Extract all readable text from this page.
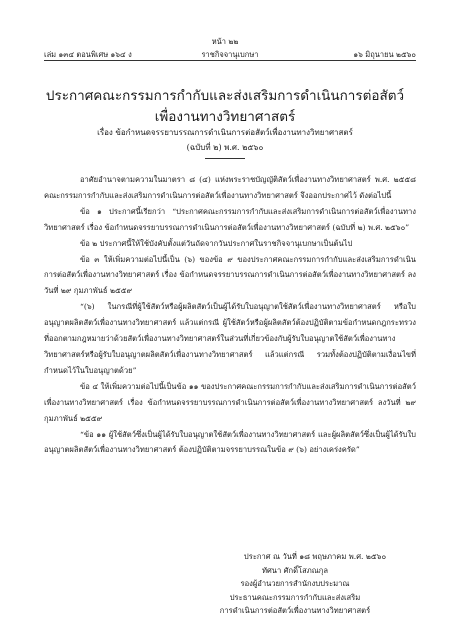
หน้า ๒๒
เล่ม ๑๓๔ ตอนพิเศษ ๑๖๔ ง	ราชกิจจานุเบกษา	๑๖ มิถุนายน ๒๕๖๐
ประกาศคณะกรรมการกำกับและส่งเสริมการดำเนินการต่อสัตว์
เพื่องานทางวิทยาศาสตร์
เรื่อง ข้อกำหนดจรรยาบรรณการดำเนินการต่อสัตว์เพื่องานทางวิทยาศาสตร์
(ฉบับที่ ๒) พ.ศ. ๒๕๖๐

อาศัยอำนาจตามความในมาตรา ๘ (๔) แห่งพระราชบัญญัติสัตว์เพื่องานทางวิทยาศาสตร์ พ.ศ. ๒๕๕๘ คณะกรรมการกำกับและส่งเสริมการดำเนินการต่อสัตว์เพื่องานทางวิทยาศาสตร์ จึงออกประกาศไว้ ดังต่อไปนี้

ข้อ ๑ ประกาศนี้เรียกว่า “ประกาศคณะกรรมการกำกับและส่งเสริมการดำเนินการต่อสัตว์เพื่องานทางวิทยาศาสตร์ เรื่อง ข้อกำหนดจรรยาบรรณการดำเนินการต่อสัตว์เพื่องานทางวิทยาศาสตร์ (ฉบับที่ ๒) พ.ศ. ๒๕๖๐”

ข้อ ๒ ประกาศนี้ให้ใช้บังคับตั้งแต่วันถัดจากวันประกาศในราชกิจจานุเบกษาเป็นต้นไป

ข้อ ๓ ให้เพิ่มความต่อไปนี้เป็น (๖) ของข้อ ๙ ของประกาศคณะกรรมการกำกับและส่งเสริมการดำเนินการต่อสัตว์เพื่องานทางวิทยาศาสตร์ เรื่อง ข้อกำหนดจรรยาบรรณการดำเนินการต่อสัตว์เพื่องานทางวิทยาศาสตร์ ลงวันที่ ๒๙ กุมภาพันธ์ ๒๕๕๙

“(๖) ในกรณีที่ผู้ใช้สัตว์หรือผู้ผลิตสัตว์เป็นผู้ได้รับใบอนุญาตใช้สัตว์เพื่องานทางวิทยาศาสตร์ หรือใบอนุญาตผลิตสัตว์เพื่องานทางวิทยาศาสตร์ แล้วแต่กรณี ผู้ใช้สัตว์หรือผู้ผลิตสัตว์ต้องปฏิบัติตามข้อกำหนดกฎกระทรวงที่ออกตามกฎหมายว่าด้วยสัตว์เพื่องานทางวิทยาศาสตร์ในส่วนที่เกี่ยวข้องกับผู้รับใบอนุญาตใช้สัตว์เพื่องานทางวิทยาศาสตร์หรือผู้รับใบอนุญาตผลิตสัตว์เพื่องานทางวิทยาศาสตร์ แล้วแต่กรณี รวมทั้งต้องปฏิบัติตามเงื่อนไขที่กำหนดไว้ในใบอนุญาตด้วย”

ข้อ ๔ ให้เพิ่มความต่อไปนี้เป็นข้อ ๑๑ ของประกาศคณะกรรมการกำกับและส่งเสริมการดำเนินการต่อสัตว์เพื่องานทางวิทยาศาสตร์ เรื่อง ข้อกำหนดจรรยาบรรณการดำเนินการต่อสัตว์เพื่องานทางวิทยาศาสตร์ ลงวันที่ ๒๙ กุมภาพันธ์ ๒๕๕๙

“ข้อ ๑๑ ผู้ใช้สัตว์ซึ่งเป็นผู้ได้รับใบอนุญาตใช้สัตว์เพื่องานทางวิทยาศาสตร์ และผู้ผลิตสัตว์ซึ่งเป็นผู้ได้รับใบอนุญาตผลิตสัตว์เพื่องานทางวิทยาศาสตร์ ต้องปฏิบัติตามจรรยาบรรณในข้อ ๙ (๖) อย่างเคร่งครัด”

ประกาศ ณ วันที่ ๑๘ พฤษภาคม พ.ศ. ๒๕๖๐
ทัศนา ศักดิ์โสภณกุล
รองผู้อำนวยการสำนักงบประมาณ
ประธานคณะกรรมการกำกับและส่งเสริม
การดำเนินการต่อสัตว์เพื่องานทางวิทยาศาสตร์
